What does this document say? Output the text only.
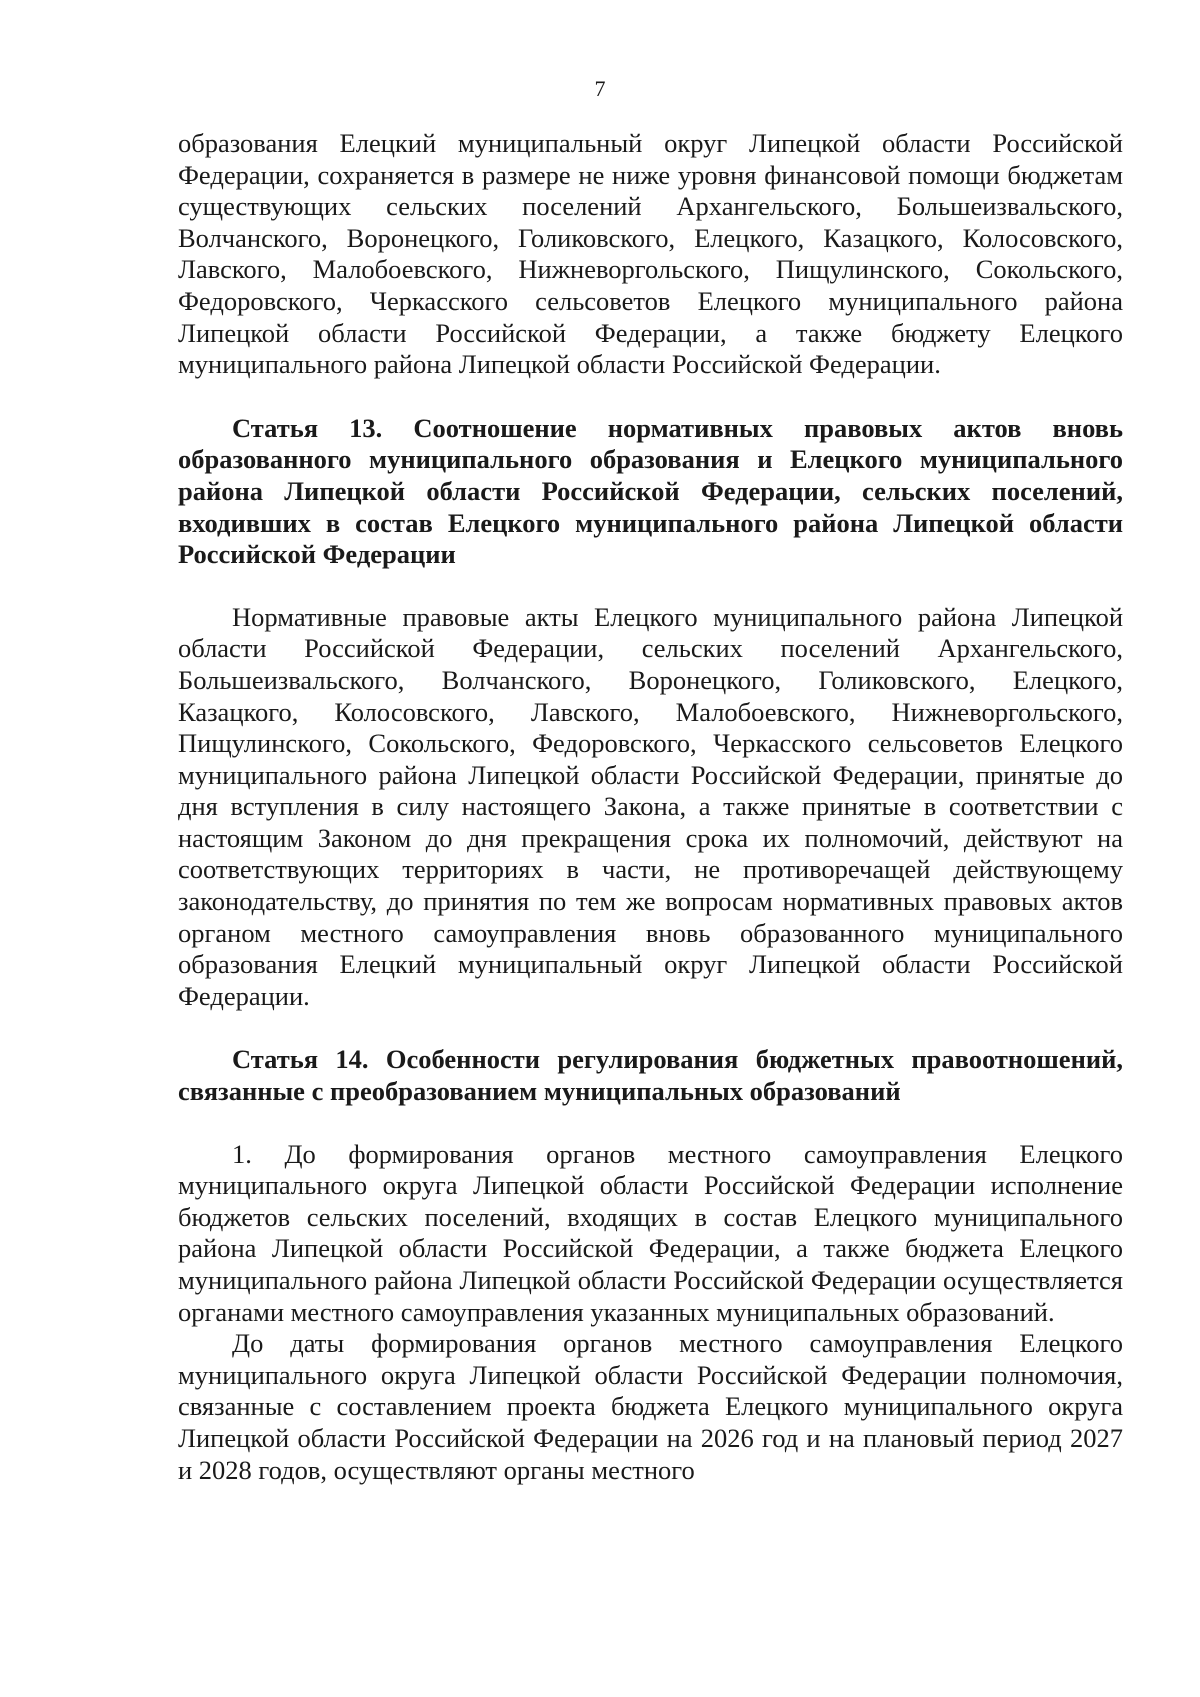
7

образования Елецкий муниципальный округ Липецкой области Российской Федерации, сохраняется в размере не ниже уровня финансовой помощи бюджетам существующих сельских поселений Архангельского, Большеизвальского, Волчанского, Воронецкого, Голиковского, Елецкого, Казацкого, Колосовского, Лавского, Малобоевского, Нижневоргольского, Пищулинского, Сокольского, Федоровского, Черкасского сельсоветов Елецкого муниципального района Липецкой области Российской Федерации, а также бюджету Елецкого муниципального района Липецкой области Российской Федерации.

Статья 13. Соотношение нормативных правовых актов вновь образованного муниципального образования и Елецкого муниципального района Липецкой области Российской Федерации, сельских поселений, входивших в состав Елецкого муниципального района Липецкой области Российской Федерации

Нормативные правовые акты Елецкого муниципального района Липецкой области Российской Федерации, сельских поселений Архангельского, Большеизвальского, Волчанского, Воронецкого, Голиковского, Елецкого, Казацкого, Колосовского, Лавского, Малобоевского, Нижневоргольского, Пищулинского, Сокольского, Федоровского, Черкасского сельсоветов Елецкого муниципального района Липецкой области Российской Федерации, принятые до дня вступления в силу настоящего Закона, а также принятые в соответствии с настоящим Законом до дня прекращения срока их полномочий, действуют на соответствующих территориях в части, не противоречащей действующему законодательству, до принятия по тем же вопросам нормативных правовых актов органом местного самоуправления вновь образованного муниципального образования Елецкий муниципальный округ Липецкой области Российской Федерации.

Статья 14. Особенности регулирования бюджетных правоотношений, связанные с преобразованием муниципальных образований

1. До формирования органов местного самоуправления Елецкого муниципального округа Липецкой области Российской Федерации исполнение бюджетов сельских поселений, входящих в состав Елецкого муниципального района Липецкой области Российской Федерации, а также бюджета Елецкого муниципального района Липецкой области Российской Федерации осуществляется органами местного самоуправления указанных муниципальных образований.

До даты формирования органов местного самоуправления Елецкого муниципального округа Липецкой области Российской Федерации полномочия, связанные с составлением проекта бюджета Елецкого муниципального округа Липецкой области Российской Федерации на 2026 год и на плановый период 2027 и 2028 годов, осуществляют органы местного
